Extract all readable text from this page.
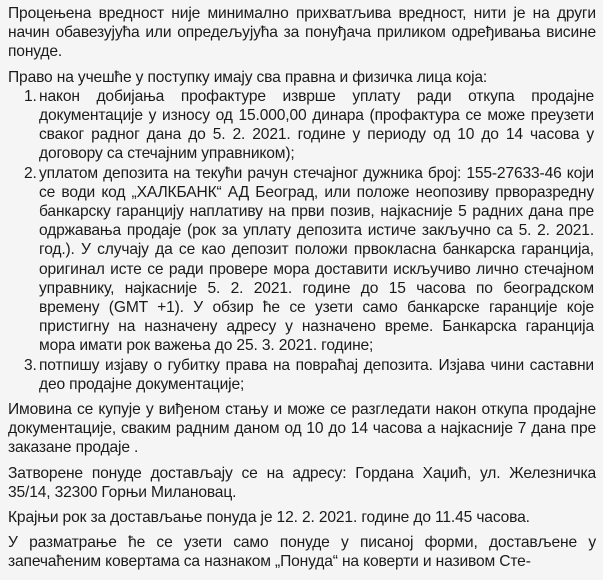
Процењена вредност није минимално прихватљива вредност, нити је на други начин обавезујућа или опредељујућа за понуђача приликом одређивања висине понуде.

Право на учешће у поступку имају сва правна и физичка лица која:

1. након добијања профактуре изврше уплату ради откупа продајне документације у износу од 15.000,00 динара (профактура се може преузети сваког радног дана до 5. 2. 2021. године у периоду од 10 до 14 часова у договору са стечајним управником);
2. уплатом депозита на текући рачун стечајног дужника број: 155-27633-46 који се води код „ХАЛКБАНК“ АД Београд, или положе неопозиву прворазредну банкарску гаранцију наплативу на први позив, најкасније 5 радних дана пре одржавања продаје (рок за уплату депозита истиче закључно са 5. 2. 2021. год.). У случају да се као депозит положи првокласна банкарска гаранција, оригинал исте се ради провере мора доставити искључиво лично стечајном управнику, најкасније 5. 2. 2021. године до 15 часова по београдском времену (GMT +1). У обзир ће се узети само банкарске гаранције које пристигну на назначену адресу у назначено време. Банкарска гаранција мора имати рок важења до 25. 3. 2021. године;
3. потпишу изјаву о губитку права на повраћај депозита. Изјава чини саставни део продајне документације;

Имовина се купује у виђеном стању и може се разгледати након откупа продајне документације, сваким радним даном од 10 до 14 часова а најкасније 7 дана пре заказане продаје .

Затворене понуде достављају се на адресу: Гордана Хаџић, ул. Железничка 35/14, 32300 Горњи Милановац.

Крајњи рок за достављање понуда је 12. 2. 2021. године до 11.45 часова.

У разматрање ће се узети само понуде у писаној форми, достављене у запечаћеним ковертама са назнаком „Понуда“ на коверти и називом Сте-
